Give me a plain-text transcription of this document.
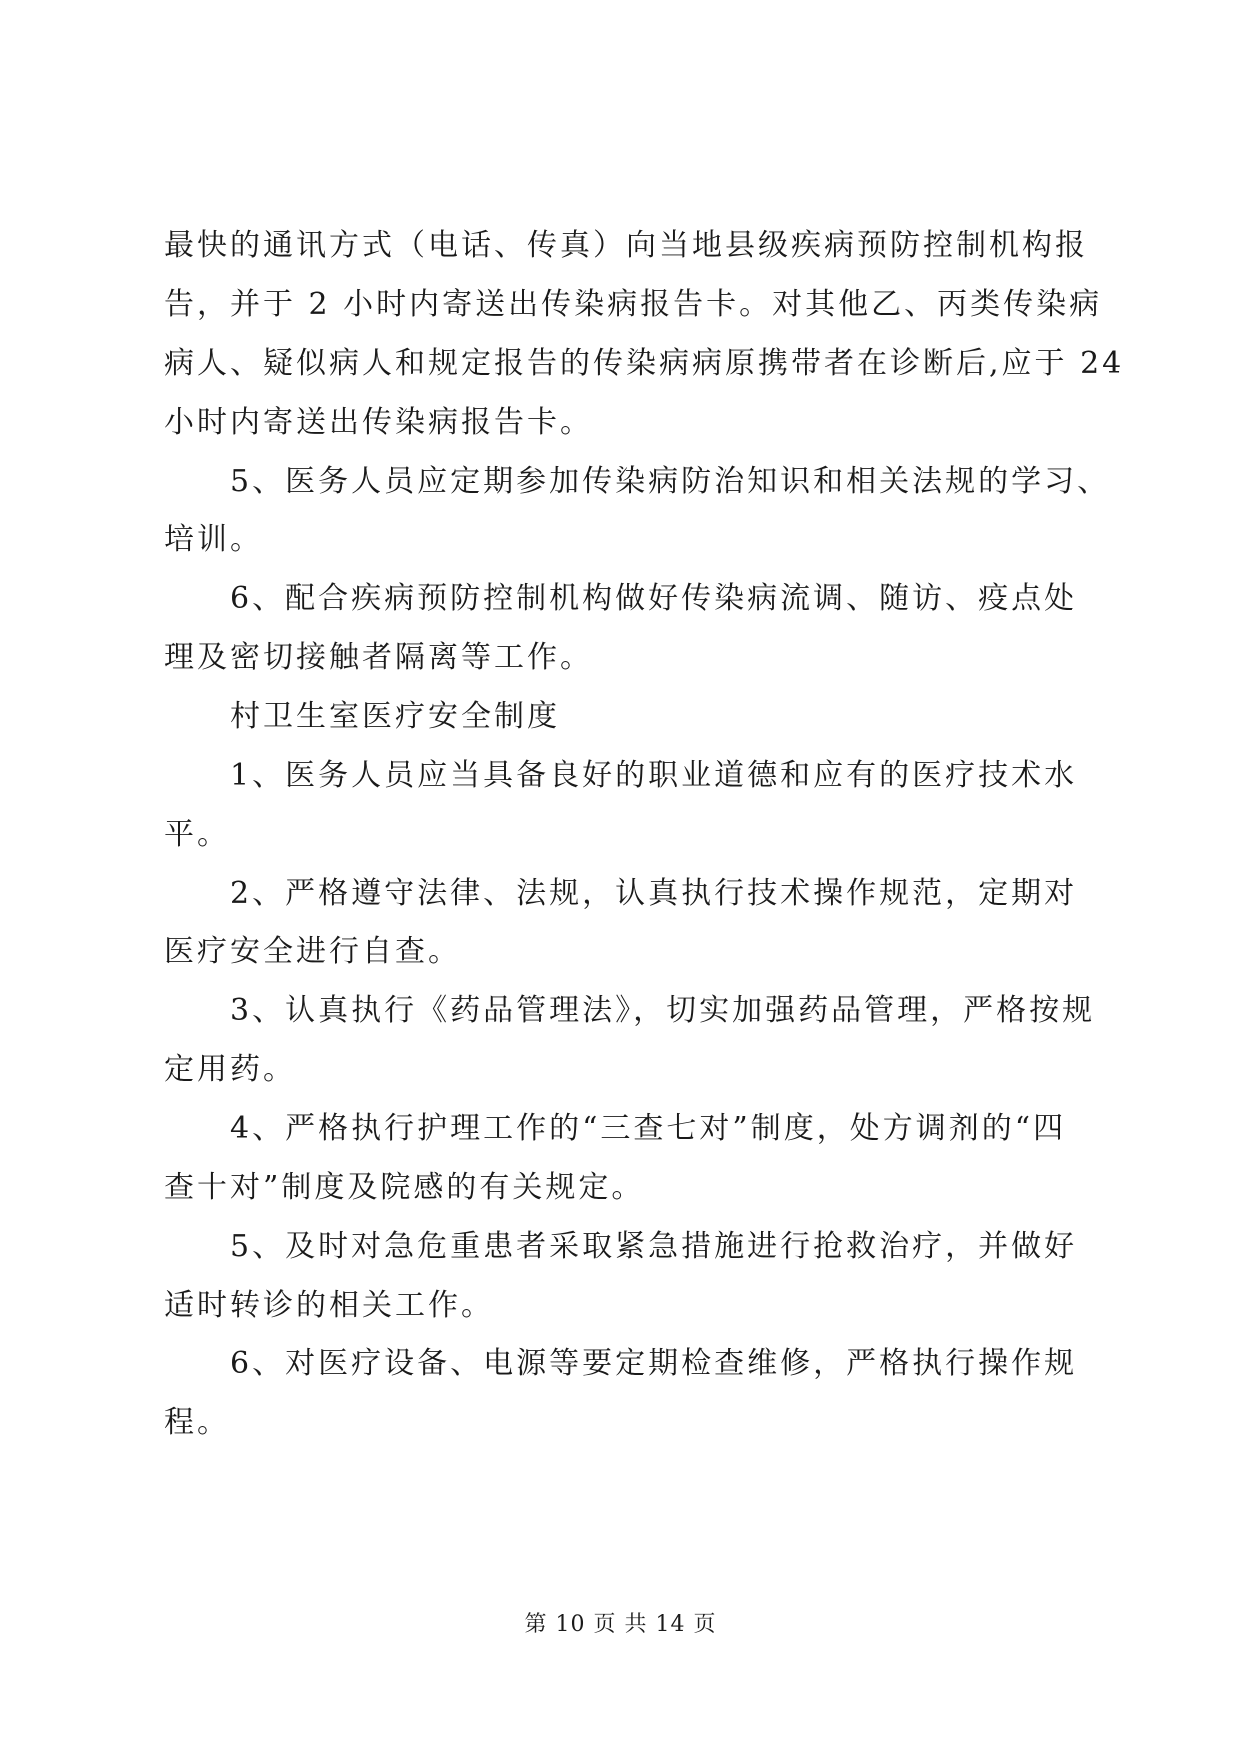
最快的通讯方式（电话、传真）向当地县级疾病预防控制机构报
告，并于 2 小时内寄送出传染病报告卡。对其他乙、丙类传染病
病人、疑似病人和规定报告的传染病病原携带者在诊断后,应于 24
小时内寄送出传染病报告卡。
5、医务人员应定期参加传染病防治知识和相关法规的学习、
培训。
6、配合疾病预防控制机构做好传染病流调、随访、疫点处
理及密切接触者隔离等工作。
村卫生室医疗安全制度
1、医务人员应当具备良好的职业道德和应有的医疗技术水
平。
2、严格遵守法律、法规，认真执行技术操作规范，定期对
医疗安全进行自查。
3、认真执行《药品管理法》，切实加强药品管理，严格按规
定用药。
4、严格执行护理工作的“三查七对”制度，处方调剂的“四
查十对”制度及院感的有关规定。
5、及时对急危重患者采取紧急措施进行抢救治疗，并做好
适时转诊的相关工作。
6、对医疗设备、电源等要定期检查维修，严格执行操作规
程。
第 10 页 共 14 页
